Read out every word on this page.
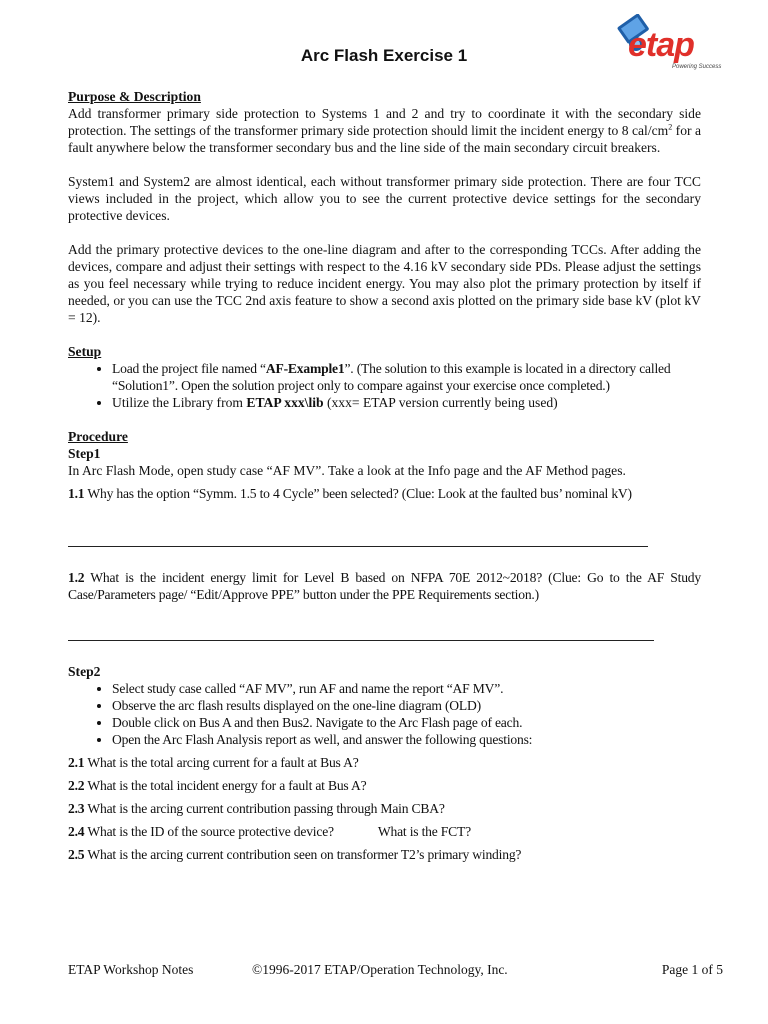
etap
Powering Success
Arc Flash Exercise 1
Purpose & Description

Add transformer primary side protection to Systems 1 and 2 and try to coordinate it with the secondary side protection. The settings of the transformer primary side protection should limit the incident energy to 8 cal/$cm^2$ for a fault anywhere below the transformer secondary bus and the line side of the main secondary circuit breakers.

System1 and System2 are almost identical, each without transformer primary side protection. There are four TCC views included in the project, which allow you to see the current protective device settings for the secondary protective devices.

Add the primary protective devices to the one-line diagram and after to the corresponding TCCs. After adding the devices, compare and adjust their settings with respect to the 4.16 kV secondary side PDs. Please adjust the settings as you feel necessary while trying to reduce incident energy. You may also plot the primary protection by itself if needed, or you can use the TCC 2nd axis feature to show a second axis plotted on the primary side base kV (plot kV = 12).

Setup
• Load the project file named “AF-Example1”. (The solution to this example is located in a directory called “Solution1”. Open the solution project only to compare against your exercise once completed.)
• Utilize the Library from ETAP xxx\lib (xxx= ETAP version currently being used)
Procedure
Step1

In Arc Flash Mode, open study case “AF MV”. Take a look at the Info page and the AF Method pages.

1.1 Why has the option “Symm. 1.5 to 4 Cycle” been selected? (Clue: Look at the faulted bus’ nominal kV)

1.2 What is the incident energy limit for Level B based on NFPA 70E 2012~2018? (Clue: Go to the AF Study Case/Parameters page/ “Edit/Approve PPE” button under the PPE Requirements section.)

Step2
• Select study case called “AF MV”, run AF and name the report “AF MV”.
• Observe the arc flash results displayed on the one-line diagram (OLD)
• Double click on Bus A and then Bus2. Navigate to the Arc Flash page of each.
• Open the Arc Flash Analysis report as well, and answer the following questions:

2.1 What is the total arcing current for a fault at Bus A?

2.2 What is the total incident energy for a fault at Bus A?

2.3 What is the arcing current contribution passing through Main CBA?

2.4 What is the ID of the source protective device?	What is the FCT?

2.5 What is the arcing current contribution seen on transformer T2’s primary winding?

ETAP Workshop Notes	©1996-2017 ETAP/Operation Technology, Inc.	Page 1 of 5
